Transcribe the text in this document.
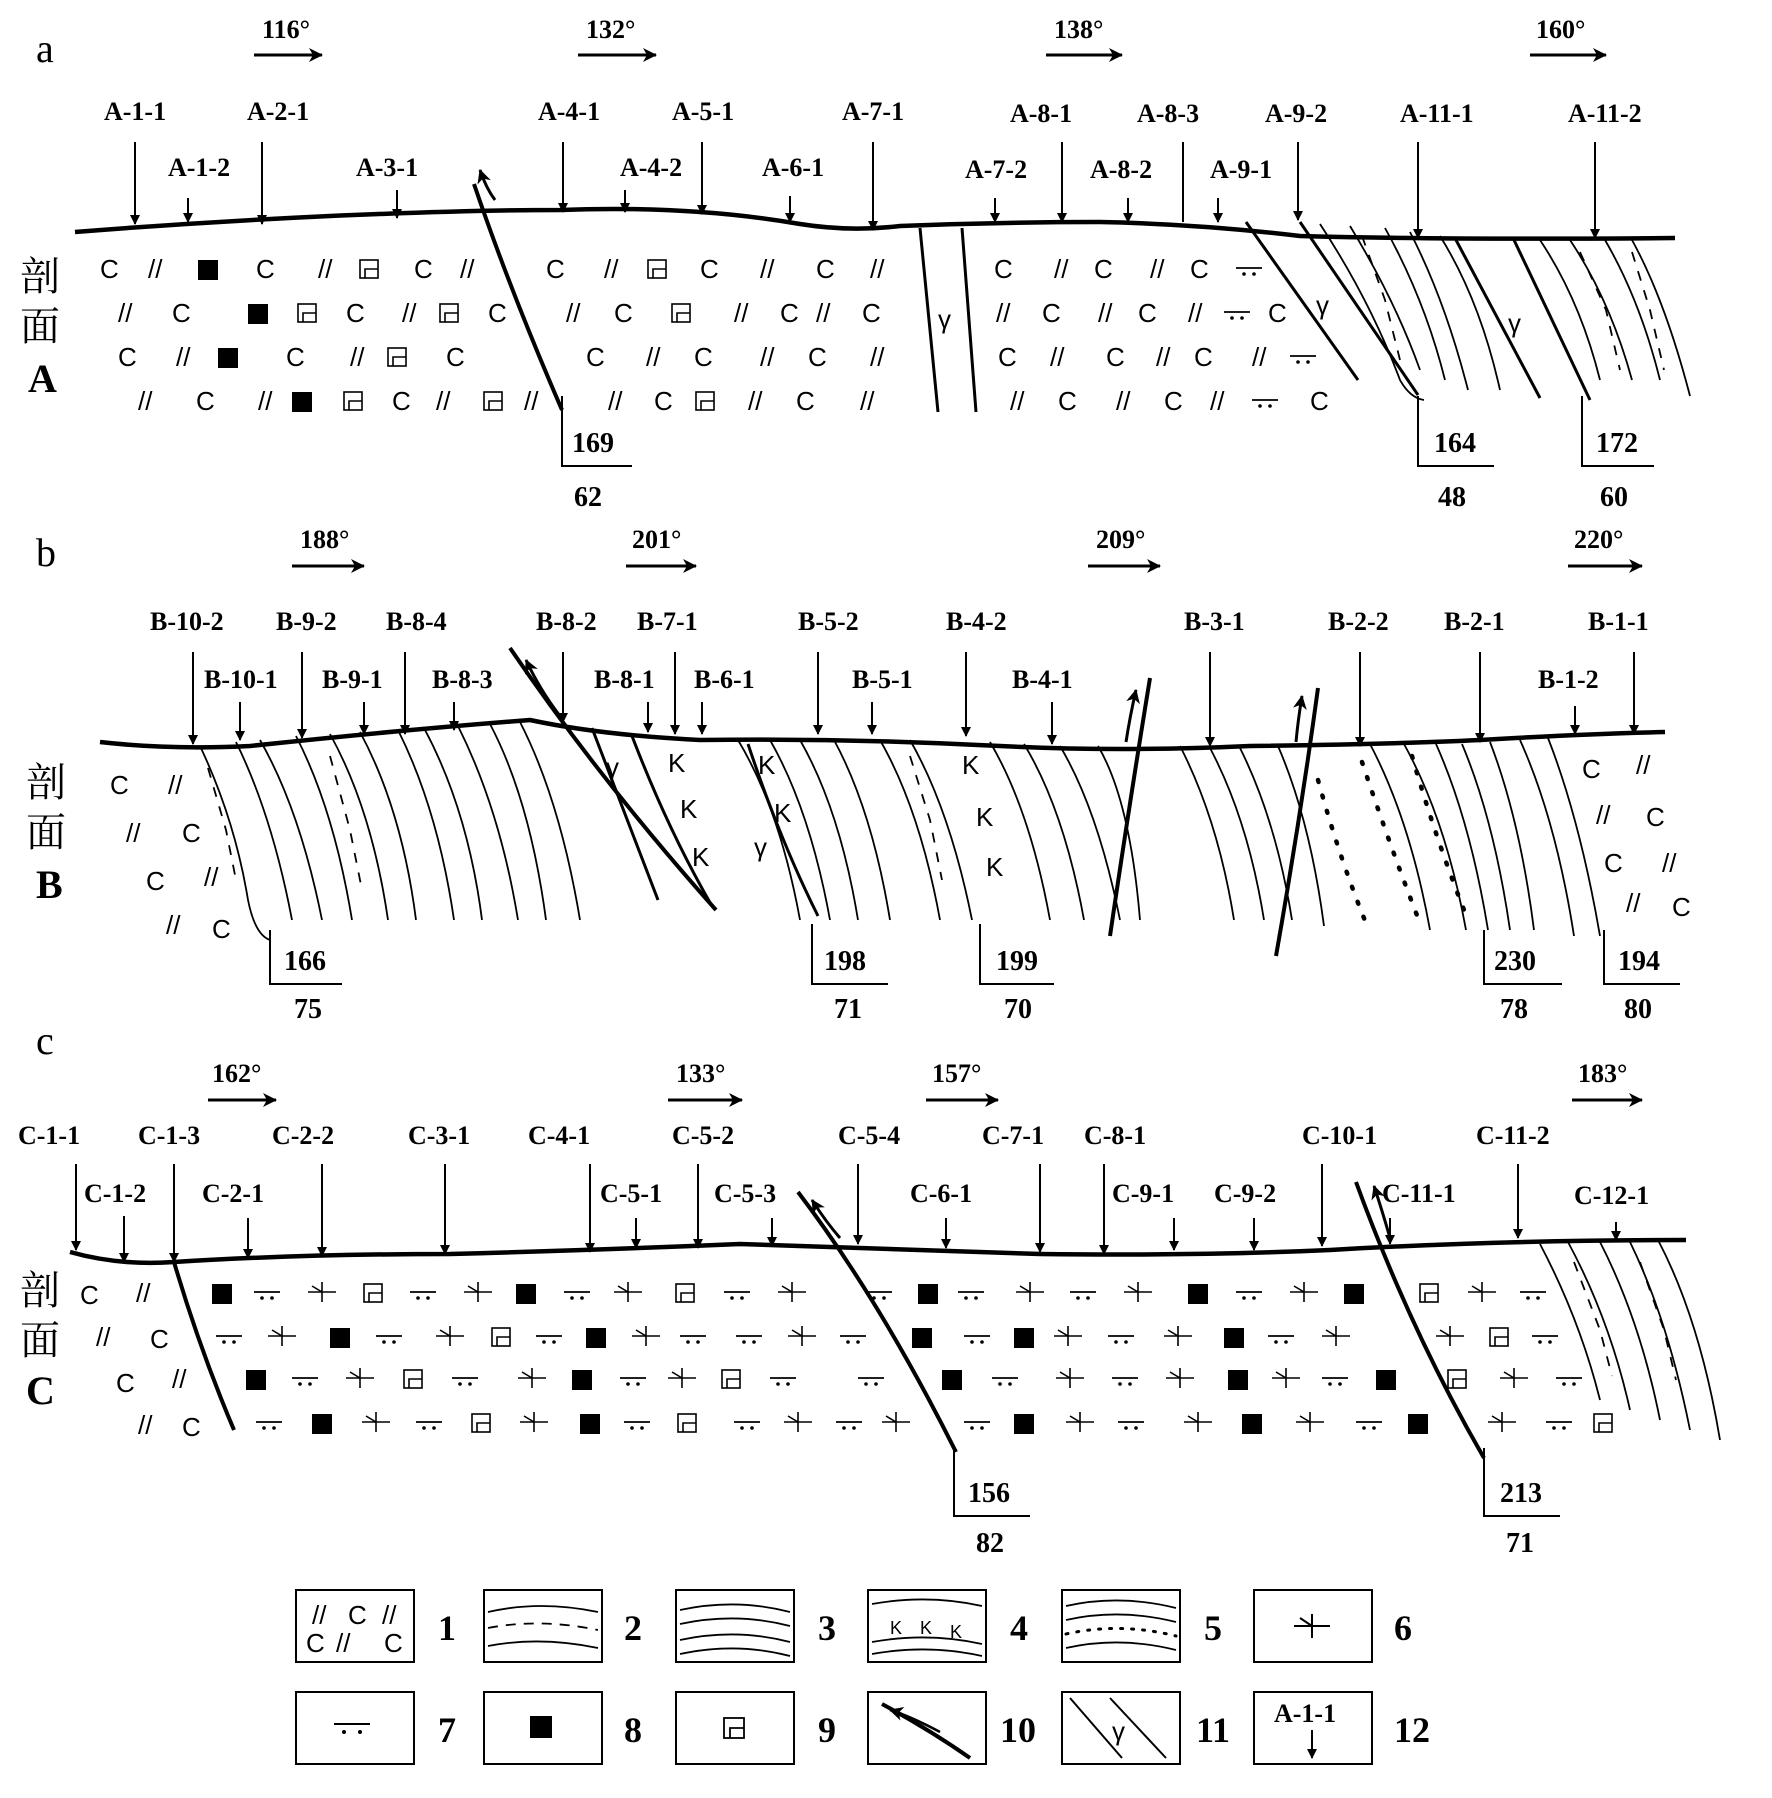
a
剖
面
A
116°	132°	138°	160°
A-1-1
A-1-2
A-2-1
A-3-1
A-4-1
A-4-2
A-5-1
A-6-1
A-7-1
A-7-2
A-8-1
A-8-2
A-8-3
A-9-1
A-9-2	A-11-1	A-11-2
γ	γ
γ
169
62
164
48
172
60
b
剖
面
B
188°	201°	209°	220°
B-10-2
B-10-1
B-9-2
B-9-1
B-8-4
B-8-3
B-8-2
B-8-1
B-7-1
B-6-1
B-5-2
B-5-1
B-4-2
B-4-1
B-3-1	B-2-2 B-2-1
B-1-2
B-1-1
γ
γ
K
K
K
K
K
K
K
K
166
75
198
71
199
70
230
78
194
80
c
剖
面
C
162°	133°	157°	183°
C-1-1
C-1-2
C-1-3
C-2-1
C-2-2	C-3-1 C-4-1
C-5-1
C-5-2
C-5-3
C-5-4
C-6-1
C-7-1 C-8-1
C-9-1 C-9-2
C-10-1
C-11-1
C-11-2
C-12-1
156
82
213
71
C //	C //	C //	C //	C // C //	C // C // C
// C	C //	C // C	// C // C	// C // C //	C
C //	C //	C	C // C // C //	C // C // C //
// C //	C //	//	// C	// C //	// C // C //	C
C //
// C
C //
// C
C //
// C
C //
// C
C //
// C
C //
// C
// C //
C // C 1	2	3	K K K 4	5	6
7	8	9	10	γ 11 A-1-1 12
